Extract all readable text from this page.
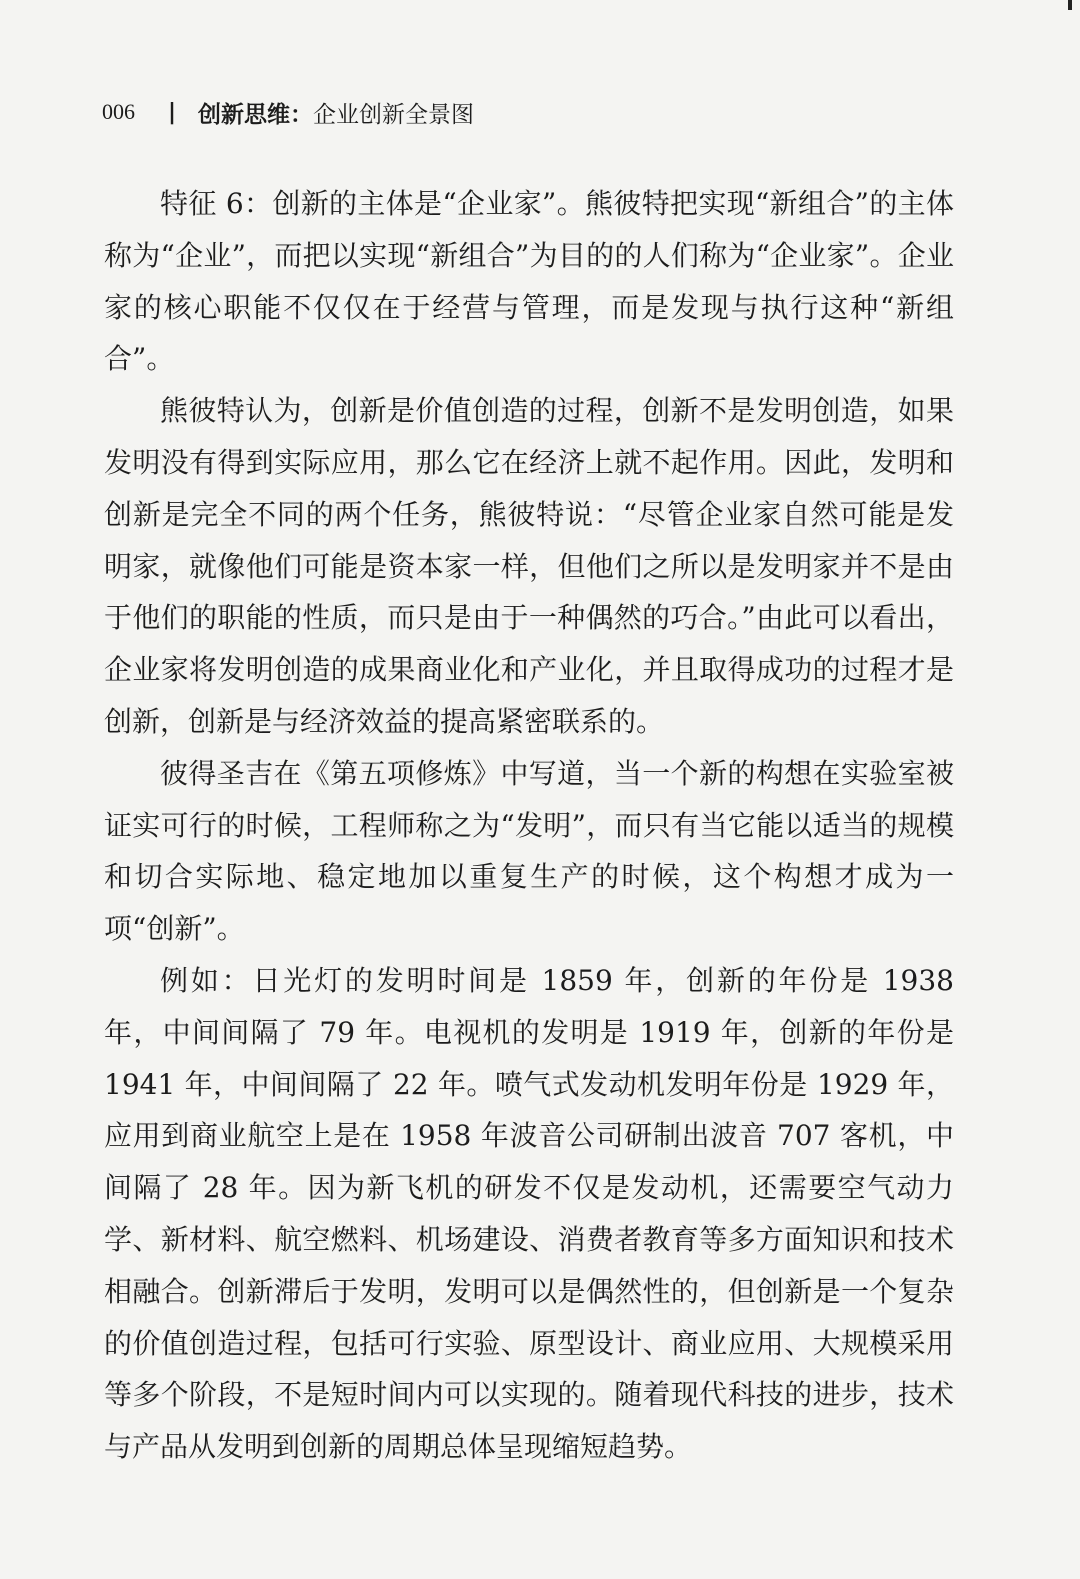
006	| 创新思维： 企业创新全景图

特征 6：创新的主体是“企业家”。熊彼特把实现“新组合”的主体称为“企业”，而把以实现“新组合”为目的的人们称为“企业家”。企业家的核心职能不仅仅在于经营与管理，而是发现与执行这种“新组合”。

熊彼特认为，创新是价值创造的过程，创新不是发明创造，如果发明没有得到实际应用，那么它在经济上就不起作用。因此，发明和创新是完全不同的两个任务，熊彼特说：“尽管企业家自然可能是发明家，就像他们可能是资本家一样，但他们之所以是发明家并不是由于他们的职能的性质，而只是由于一种偶然的巧合。”由此可以看出，企业家将发明创造的成果商业化和产业化，并且取得成功的过程才是创新，创新是与经济效益的提高紧密联系的。

彼得圣吉在《第五项修炼》中写道，当一个新的构想在实验室被证实可行的时候，工程师称之为“发明”，而只有当它能以适当的规模和切合实际地、稳定地加以重复生产的时候，这个构想才成为一项“创新”。

例如：日光灯的发明时间是 1859 年，创新的年份是 1938 年，中间间隔了 79 年。电视机的发明是 1919 年，创新的年份是 1941 年，中间间隔了 22 年。喷气式发动机发明年份是 1929 年，应用到商业航空上是在 1958 年波音公司研制出波音 707 客机，中间隔了 28 年。因为新飞机的研发不仅是发动机，还需要空气动力学、新材料、航空燃料、机场建设、消费者教育等多方面知识和技术相融合。创新滞后于发明，发明可以是偶然性的，但创新是一个复杂的价值创造过程，包括可行实验、原型设计、商业应用、大规模采用等多个阶段，不是短时间内可以实现的。随着现代科技的进步，技术与产品从发明到创新的周期总体呈现缩短趋势。
